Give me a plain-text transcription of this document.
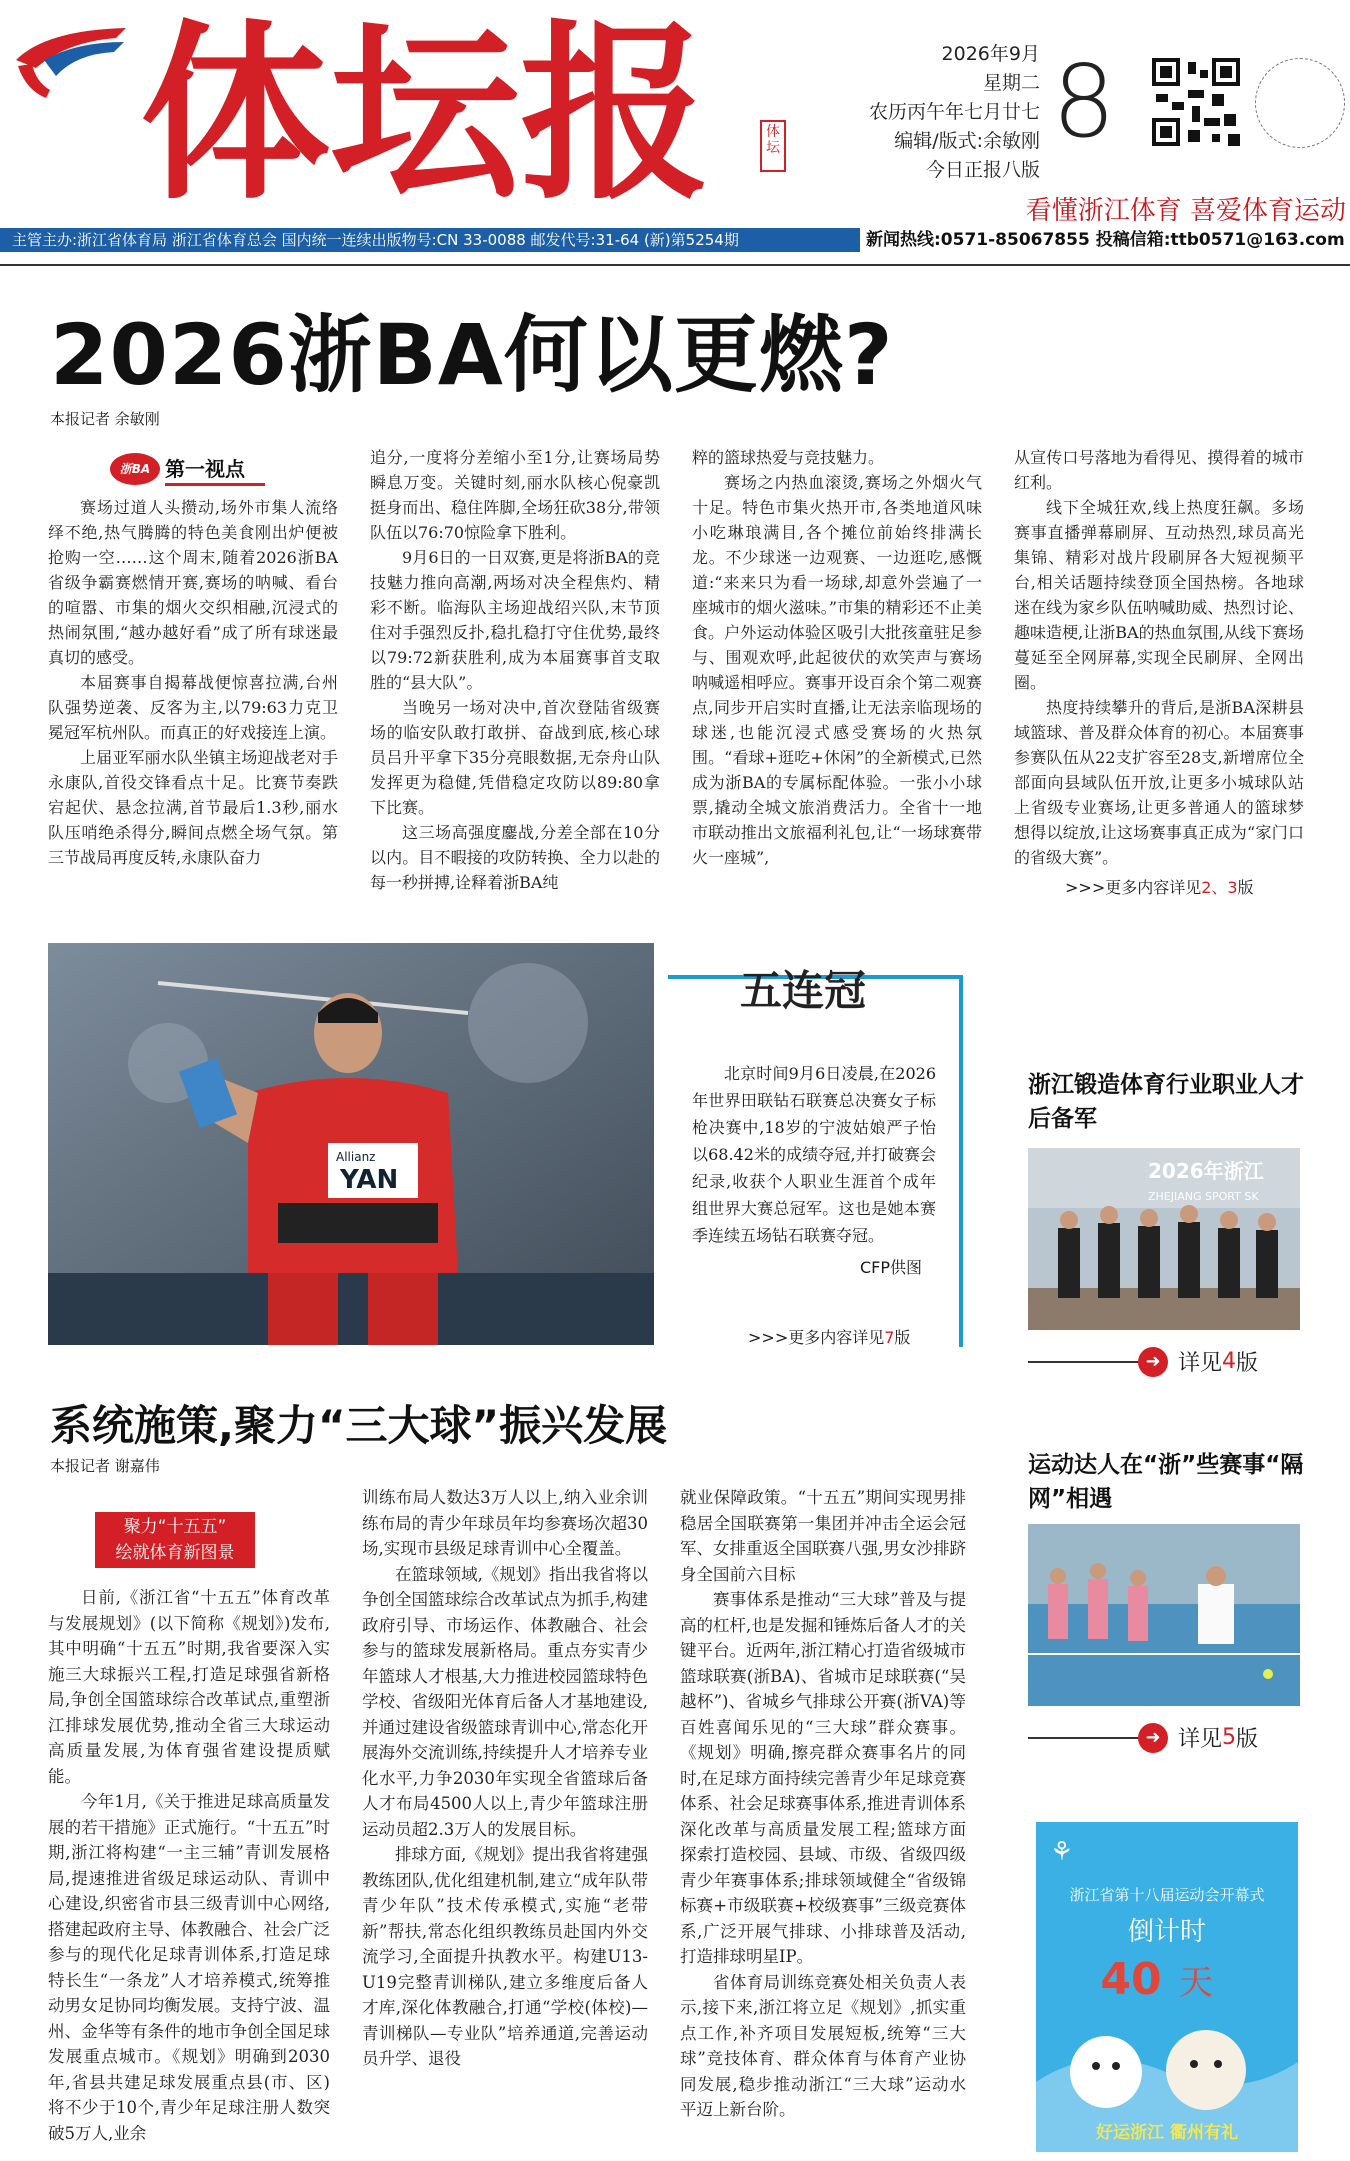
体坛报	体坛
2026年9月
星期二
农历丙午年七月廿七
编辑/版式:余敏刚
今日正报八版
8
看懂浙江体育 喜爱体育运动
主管主办:浙江省体育局 浙江省体育总会 国内统一连续出版物号:CN 33-0088 邮发代号:31-64 (新)第5254期	新闻热线:0571-85067855 投稿信箱:ttb0571@163.com
2026浙BA何以更燃?
本报记者 余敏刚
浙BA 第一视点

赛场过道人头攒动,场外市集人流络绎不绝,热气腾腾的特色美食刚出炉便被抢购一空……这个周末,随着2026浙BA省级争霸赛燃情开赛,赛场的呐喊、看台的喧嚣、市集的烟火交织相融,沉浸式的热闹氛围,“越办越好看”成了所有球迷最真切的感受。

本届赛事自揭幕战便惊喜拉满,台州队强势逆袭、反客为主,以79:63力克卫冕冠军杭州队。而真正的好戏接连上演。

上届亚军丽水队坐镇主场迎战老对手永康队,首役交锋看点十足。比赛节奏跌宕起伏、悬念拉满,首节最后1.3秒,丽水队压哨绝杀得分,瞬间点燃全场气氛。第三节战局再度反转,永康队奋力

追分,一度将分差缩小至1分,让赛场局势瞬息万变。关键时刻,丽水队核心倪豪凯挺身而出、稳住阵脚,全场狂砍38分,带领队伍以76:70惊险拿下胜利。

9月6日的一日双赛,更是将浙BA的竞技魅力推向高潮,两场对决全程焦灼、精彩不断。临海队主场迎战绍兴队,末节顶住对手强烈反扑,稳扎稳打守住优势,最终以79:72新获胜利,成为本届赛事首支取胜的“县大队”。

当晚另一场对决中,首次登陆省级赛场的临安队敢打敢拼、奋战到底,核心球员吕升平拿下35分亮眼数据,无奈舟山队发挥更为稳健,凭借稳定攻防以89:80拿下比赛。

这三场高强度鏖战,分差全部在10分以内。目不暇接的攻防转换、全力以赴的每一秒拼搏,诠释着浙BA纯

粹的篮球热爱与竞技魅力。

赛场之内热血滚烫,赛场之外烟火气十足。特色市集火热开市,各类地道风味小吃琳琅满目,各个摊位前始终排满长龙。不少球迷一边观赛、一边逛吃,感慨道:“来来只为看一场球,却意外尝遍了一座城市的烟火滋味。”市集的精彩还不止美食。户外运动体验区吸引大批孩童驻足参与、围观欢呼,此起彼伏的欢笑声与赛场呐喊遥相呼应。赛事开设百余个第二观赛点,同步开启实时直播,让无法亲临现场的球迷,也能沉浸式感受赛场的火热氛围。“看球+逛吃+休闲”的全新模式,已然成为浙BA的专属标配体验。一张小小球票,撬动全城文旅消费活力。全省十一地市联动推出文旅福利礼包,让“一场球赛带火一座城”,

从宣传口号落地为看得见、摸得着的城市红利。

线下全城狂欢,线上热度狂飙。多场赛事直播弹幕刷屏、互动热烈,球员高光集锦、精彩对战片段刷屏各大短视频平台,相关话题持续登顶全国热榜。各地球迷在线为家乡队伍呐喊助威、热烈讨论、趣味造梗,让浙BA的热血氛围,从线下赛场蔓延至全网屏幕,实现全民刷屏、全网出圈。

热度持续攀升的背后,是浙BA深耕县域篮球、普及群众体育的初心。本届赛事参赛队伍从22支扩容至28支,新增席位全部面向县域队伍开放,让更多小城球队站上省级专业赛场,让更多普通人的篮球梦想得以绽放,让这场赛事真正成为“家门口的省级大赛”。

>>>更多内容详见2、3版
Allianz
YAN
五连冠

北京时间9月6日凌晨,在2026年世界田联钻石联赛总决赛女子标枪决赛中,18岁的宁波姑娘严子怡以68.42米的成绩夺冠,并打破赛会纪录,收获个人职业生涯首个成年组世界大赛总冠军。这也是她本赛季连续五场钻石联赛夺冠。

CFP供图
>>>更多内容详见7版
浙江锻造体育行业职业人才后备军
2026年浙江
ZHEJIANG SPORT SK
➜ 详见 4 版
运动达人在“浙”些赛事“隔网”相遇
➜ 详见 5 版
⚘
浙江省第十八届运动会开幕式
倒计时
40 天
好运浙江 衢州有礼
系统施策,聚力“三大球”振兴发展
本报记者 谢嘉伟
聚力“十五五”
绘就体育新图景

日前,《浙江省“十五五”体育改革与发展规划》(以下简称《规划》)发布,其中明确“十五五”时期,我省要深入实施三大球振兴工程,打造足球强省新格局,争创全国篮球综合改革试点,重塑浙江排球发展优势,推动全省三大球运动高质量发展,为体育强省建设提质赋能。

今年1月,《关于推进足球高质量发展的若干措施》正式施行。“十五五”时期,浙江将构建“一主三辅”青训发展格局,提速推进省级足球运动队、青训中心建设,织密省市县三级青训中心网络,搭建起政府主导、体教融合、社会广泛参与的现代化足球青训体系,打造足球特长生“一条龙”人才培养模式,统筹推动男女足协同均衡发展。支持宁波、温州、金华等有条件的地市争创全国足球发展重点城市。《规划》明确到2030年,省县共建足球发展重点县(市、区)将不少于10个,青少年足球注册人数突破5万人,业余

训练布局人数达3万人以上,纳入业余训练布局的青少年球员年均参赛场次超30场,实现市县级足球青训中心全覆盖。

在篮球领域,《规划》指出我省将以争创全国篮球综合改革试点为抓手,构建政府引导、市场运作、体教融合、社会参与的篮球发展新格局。重点夯实青少年篮球人才根基,大力推进校园篮球特色学校、省级阳光体育后备人才基地建设,并通过建设省级篮球青训中心,常态化开展海外交流训练,持续提升人才培养专业化水平,力争2030年实现全省篮球后备人才布局4500人以上,青少年篮球注册运动员超2.3万人的发展目标。

排球方面,《规划》提出我省将建强教练团队,优化组建机制,建立“成年队带青少年队”技术传承模式,实施“老带新”帮扶,常态化组织教练员赴国内外交流学习,全面提升执教水平。构建U13-U19完整青训梯队,建立多维度后备人才库,深化体教融合,打通“学校(体校)—青训梯队—专业队”培养通道,完善运动员升学、退役

就业保障政策。“十五五”期间实现男排稳居全国联赛第一集团并冲击全运会冠军、女排重返全国联赛八强,男女沙排跻身全国前六目标

赛事体系是推动“三大球”普及与提高的杠杆,也是发掘和锤炼后备人才的关键平台。近两年,浙江精心打造省级城市篮球联赛(浙BA)、省城市足球联赛(“吴越杯”)、省城乡气排球公开赛(浙VA)等百姓喜闻乐见的“三大球”群众赛事。《规划》明确,擦亮群众赛事名片的同时,在足球方面持续完善青少年足球竞赛体系、社会足球赛事体系,推进青训体系深化改革与高质量发展工程;篮球方面探索打造校园、县域、市级、省级四级青少年赛事体系;排球领域健全“省级锦标赛+市级联赛+校级赛事”三级竞赛体系,广泛开展气排球、小排球普及活动,打造排球明星IP。

省体育局训练竞赛处相关负责人表示,接下来,浙江将立足《规划》,抓实重点工作,补齐项目发展短板,统筹“三大球”竞技体育、群众体育与体育产业协同发展,稳步推动浙江“三大球”运动水平迈上新台阶。
